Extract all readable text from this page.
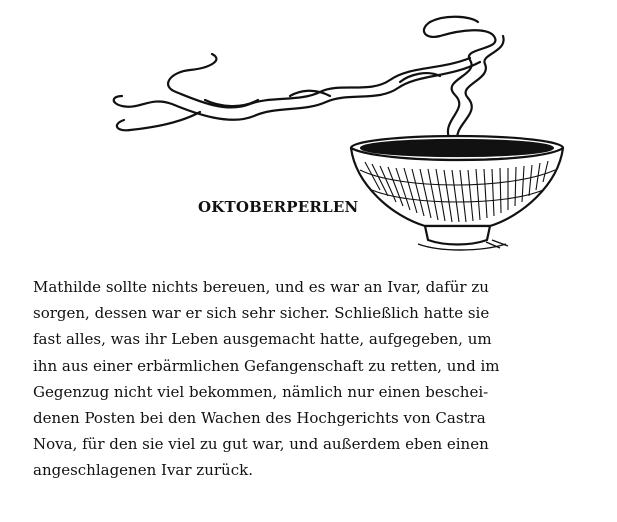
OKTOBERPERLEN
Mathilde sollte nichts bereuen, und es war an Ivar, dafür zu
sorgen, dessen war er sich sehr sicher. Schließlich hatte sie
fast alles, was ihr Leben ausgemacht hatte, aufgegeben, um
ihn aus einer erbärmlichen Gefangenschaft zu retten, und im
Gegenzug nicht viel bekommen, nämlich nur einen beschei-
denen Posten bei den Wachen des Hochgerichts von Castra
Nova, für den sie viel zu gut war, und außerdem eben einen
angeschlagenen Ivar zurück.
